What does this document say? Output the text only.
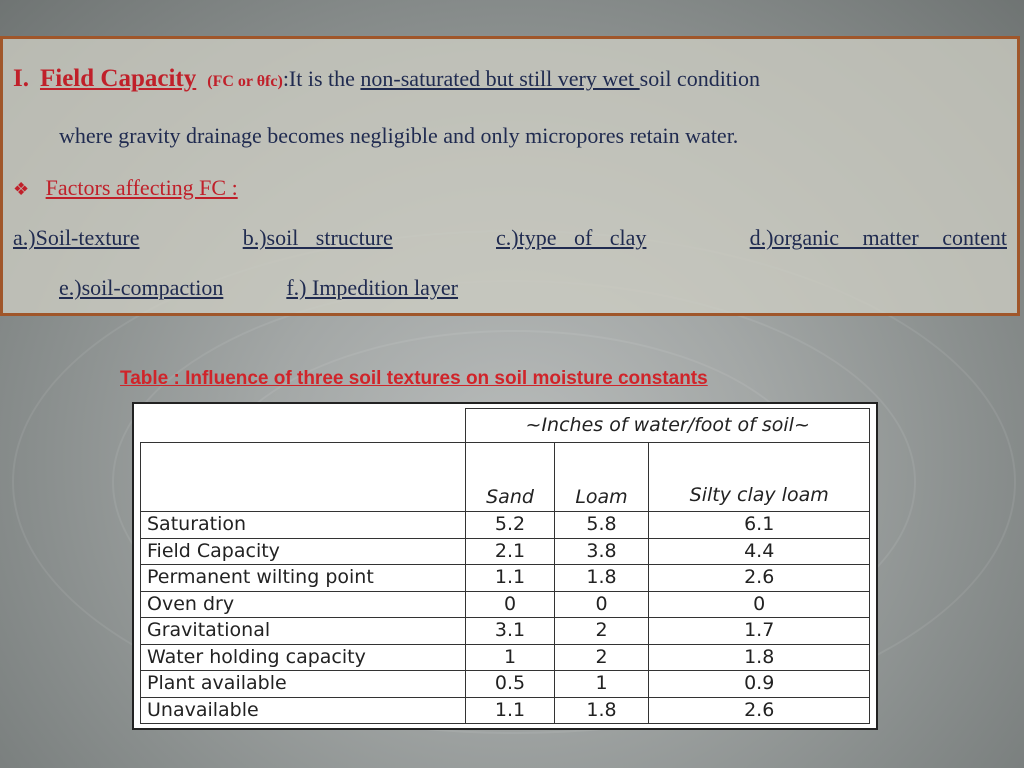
I. Field Capacity (FC or θfc):It is the non-saturated but still very wet soil condition
where gravity drainage becomes negligible and only micropores retain water.
❖ Factors affecting FC :
a.)Soil-texture	b.)soil structure	c.)type of clay	d.)organic matter content
e.)soil-compaction	f.) Impedition layer
Table : Influence of three soil textures on soil moisture constants
	~Inches of water/foot of soil~		
	Sand	Loam	Silty clay loam
Saturation	5.2	5.8	6.1
Field Capacity	2.1	3.8	4.4
Permanent wilting point	1.1	1.8	2.6
Oven dry	0	0	0
Gravitational	3.1	2	1.7
Water holding capacity	1	2	1.8
Plant available	0.5	1	0.9
Unavailable	1.1	1.8	2.6
